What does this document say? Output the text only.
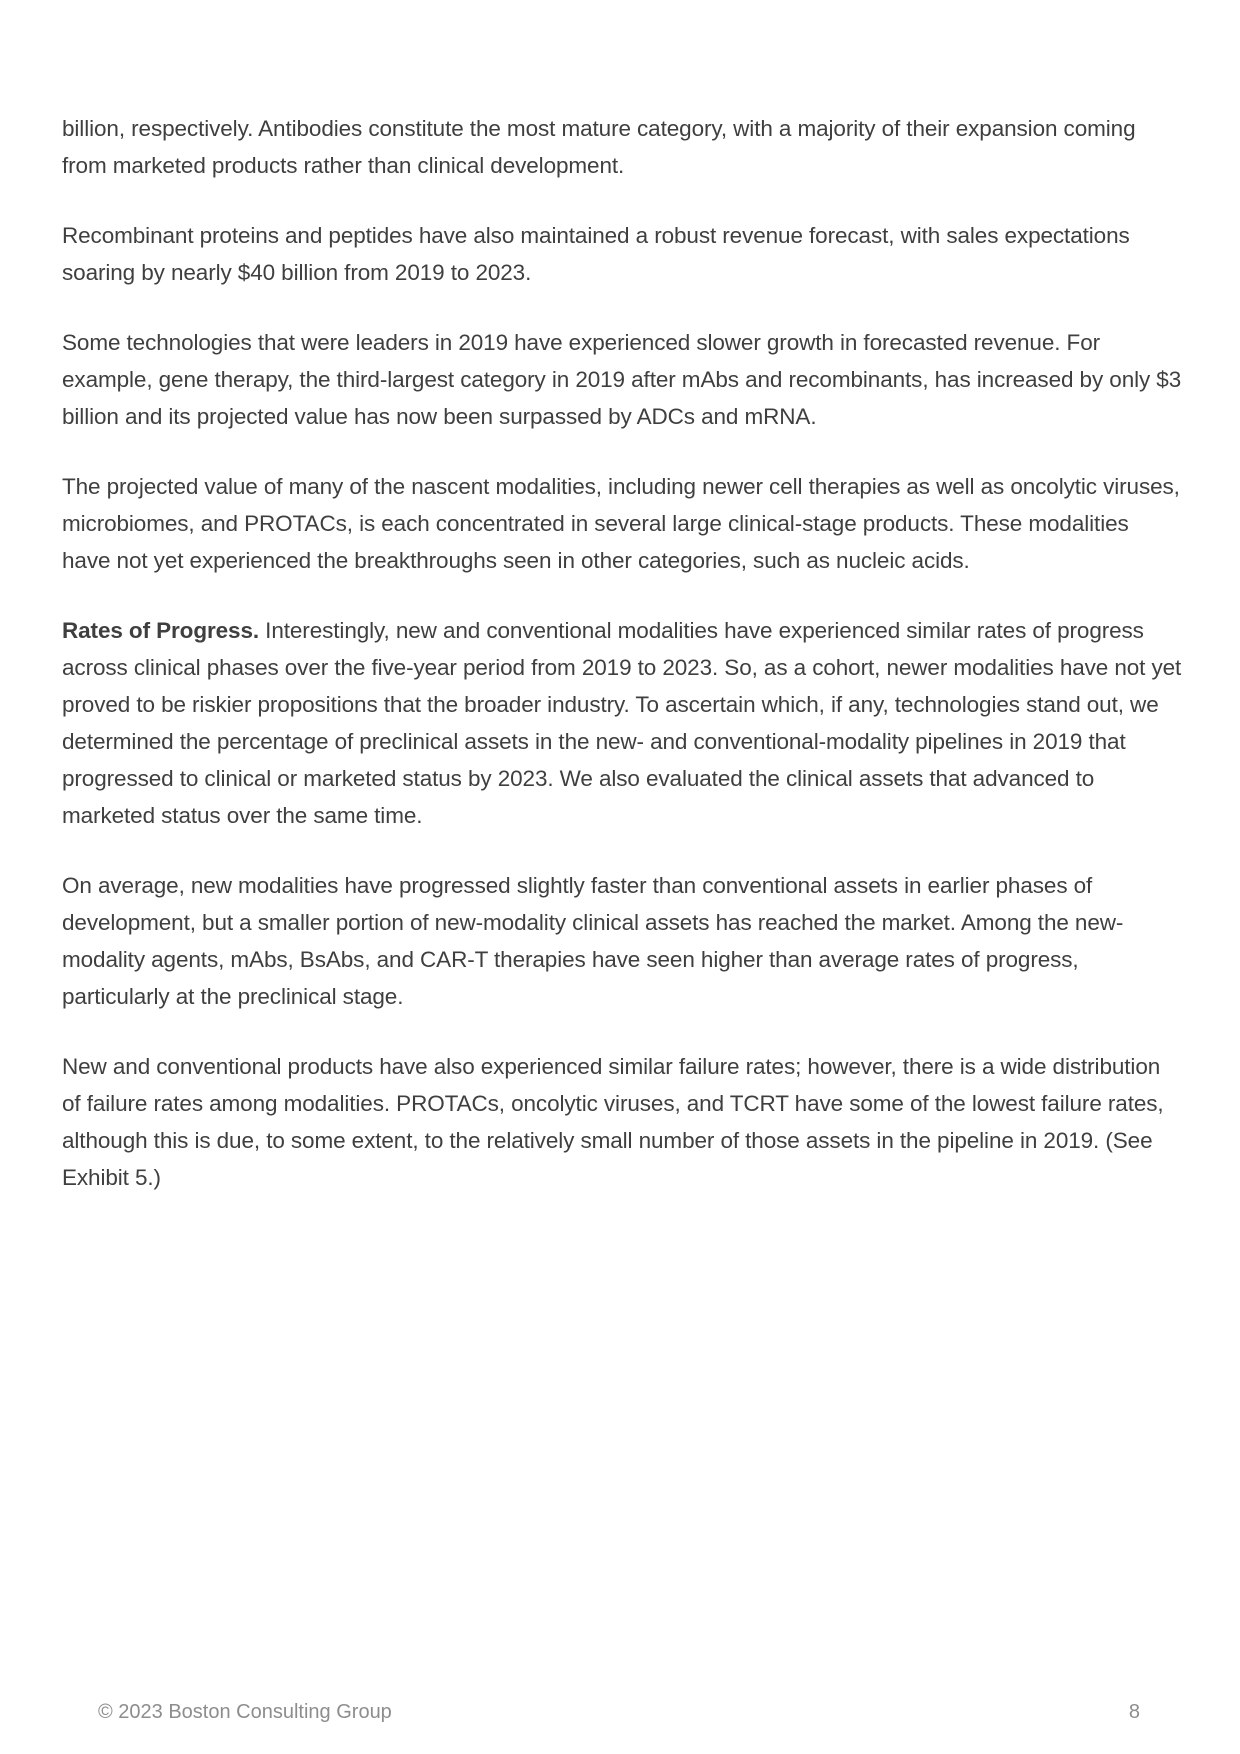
billion, respectively. Antibodies constitute the most mature category, with a majority of their expansion coming from marketed products rather than clinical development.

Recombinant proteins and peptides have also maintained a robust revenue forecast, with sales expectations soaring by nearly $40 billion from 2019 to 2023.

Some technologies that were leaders in 2019 have experienced slower growth in forecasted revenue. For example, gene therapy, the third-largest category in 2019 after mAbs and recombinants, has increased by only $3 billion and its projected value has now been surpassed by ADCs and mRNA.

The projected value of many of the nascent modalities, including newer cell therapies as well as oncolytic viruses, microbiomes, and PROTACs, is each concentrated in several large clinical-stage products. These modalities have not yet experienced the breakthroughs seen in other categories, such as nucleic acids.

Rates of Progress. Interestingly, new and conventional modalities have experienced similar rates of progress across clinical phases over the five-year period from 2019 to 2023. So, as a cohort, newer modalities have not yet proved to be riskier propositions that the broader industry. To ascertain which, if any, technologies stand out, we determined the percentage of preclinical assets in the new- and conventional-modality pipelines in 2019 that progressed to clinical or marketed status by 2023. We also evaluated the clinical assets that advanced to marketed status over the same time.

On average, new modalities have progressed slightly faster than conventional assets in earlier phases of development, but a smaller portion of new-modality clinical assets has reached the market. Among the new-modality agents, mAbs, BsAbs, and CAR-T therapies have seen higher than average rates of progress, particularly at the preclinical stage.

New and conventional products have also experienced similar failure rates; however, there is a wide distribution of failure rates among modalities. PROTACs, oncolytic viruses, and TCRT have some of the lowest failure rates, although this is due, to some extent, to the relatively small number of those assets in the pipeline in 2019. (See Exhibit 5.)

© 2023 Boston Consulting Group	8
